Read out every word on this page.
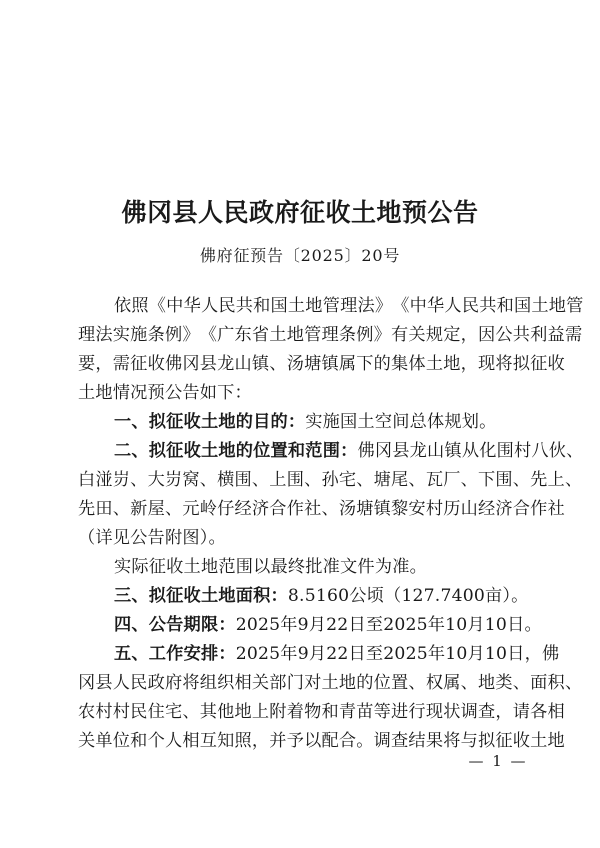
佛冈县人民政府征收土地预公告
佛府征预告〔2025〕20号
依 照 《 中 华 人 民 共 和 国 土 地 管 理 法 》 《 中 华 人 民 共 和 国 土 地 管
理 法 实 施 条 例 》 《 广 东 省 土 地 管 理 条 例 》 有 关 规 定 ， 因 公 共 利 益 需
要 ， 需 征 收 佛 冈 县 龙 山 镇 、 汤 塘 镇 属 下 的 集 体 土 地 ， 现 将 拟 征 收
土地情况预公告如下：
一、拟征收土地的目的：实施国土空间总体规划。
二 、 拟 征 收 土 地 的 位 置 和 范 围 ： 佛 冈 县 龙 山 镇 从 化 围 村 八 伙 、
白 湴 岃 、 大 岃 窝 、 横 围 、 上 围 、 孙 宅 、 塘 尾 、 瓦 厂 、 下 围 、 先 上 、
先 田 、 新 屋 、 元 岭 仔 经 济 合 作 社 、 汤 塘 镇 黎 安 村 历 山 经 济 合 作 社
（详见公告附图）。
实际征收土地范围以最终批准文件为准。
三、拟征收土地面积：8.5160公顷（127.7400亩）。
四、公告期限：2025年9月22日至2025年10月10日。
五 、 工 作 安 排 ： 2 0 2 5 年 9 月 2 2 日 至 2 0 2 5 年 1 0 月 1 0 日 ， 佛
冈 县 人 民 政 府 将 组 织 相 关 部 门 对 土 地 的 位 置 、 权 属 、 地 类 、 面 积 、
农 村 村 民 住 宅 、 其 他 地 上 附 着 物 和 青 苗 等 进 行 现 状 调 查 ， 请 各 相
关 单 位 和 个 人 相 互 知 照 ， 并 予 以 配 合 。 调 查 结 果 将 与 拟 征 收 土 地
— 1 —
